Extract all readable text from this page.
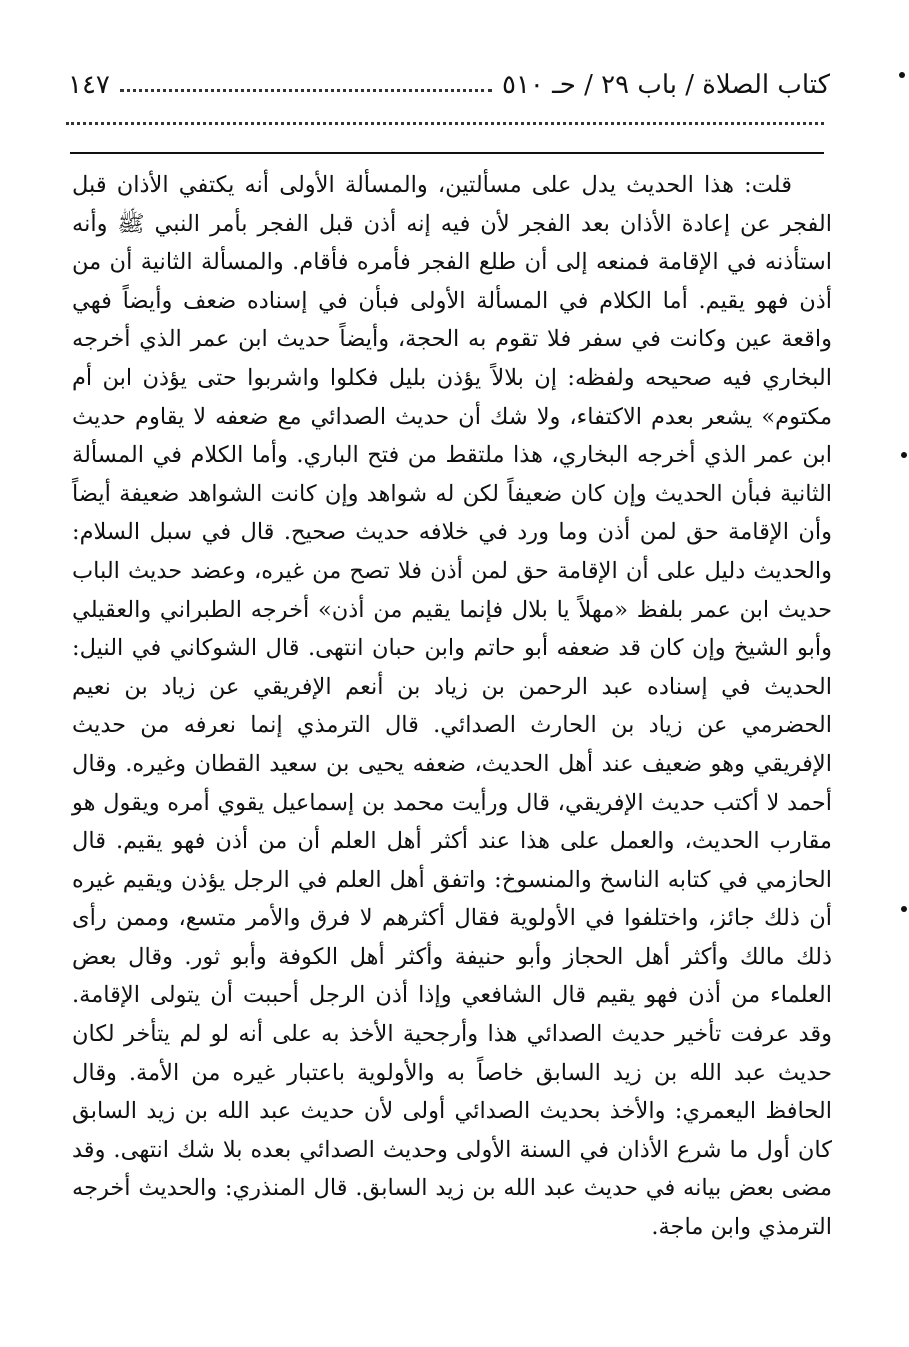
كتاب الصلاة / باب ٢٩ / حـ ٥١٠
١٤٧

قلت: هذا الحديث يدل على مسألتين، والمسألة الأولى أنه يكتفي الأذان قبل الفجر عن إعادة الأذان بعد الفجر لأن فيه إنه أذن قبل الفجر بأمر النبي ﷺ وأنه استأذنه في الإقامة فمنعه إلى أن طلع الفجر فأمره فأقام. والمسألة الثانية أن من أذن فهو يقيم. أما الكلام في المسألة الأولى فبأن في إسناده ضعف وأيضاً فهي واقعة عين وكانت في سفر فلا تقوم به الحجة، وأيضاً حديث ابن عمر الذي أخرجه البخاري فيه صحيحه ولفظه: إن بلالاً يؤذن بليل فكلوا واشربوا حتى يؤذن ابن أم مكتوم» يشعر بعدم الاكتفاء، ولا شك أن حديث الصدائي مع ضعفه لا يقاوم حديث ابن عمر الذي أخرجه البخاري، هذا ملتقط من فتح الباري. وأما الكلام في المسألة الثانية فبأن الحديث وإن كان ضعيفاً لكن له شواهد وإن كانت الشواهد ضعيفة أيضاً وأن الإقامة حق لمن أذن وما ورد في خلافه حديث صحيح. قال في سبل السلام: والحديث دليل على أن الإقامة حق لمن أذن فلا تصح من غيره، وعضد حديث الباب حديث ابن عمر بلفظ «مهلاً يا بلال فإنما يقيم من أذن» أخرجه الطبراني والعقيلي وأبو الشيخ وإن كان قد ضعفه أبو حاتم وابن حبان انتهى. قال الشوكاني في النيل: الحديث في إسناده عبد الرحمن بن زياد بن أنعم الإفريقي عن زياد بن نعيم الحضرمي عن زياد بن الحارث الصدائي. قال الترمذي إنما نعرفه من حديث الإفريقي وهو ضعيف عند أهل الحديث، ضعفه يحيى بن سعيد القطان وغيره. وقال أحمد لا أكتب حديث الإفريقي، قال ورأيت محمد بن إسماعيل يقوي أمره ويقول هو مقارب الحديث، والعمل على هذا عند أكثر أهل العلم أن من أذن فهو يقيم. قال الحازمي في كتابه الناسخ والمنسوخ: واتفق أهل العلم في الرجل يؤذن ويقيم غيره أن ذلك جائز، واختلفوا في الأولوية فقال أكثرهم لا فرق والأمر متسع، وممن رأى ذلك مالك وأكثر أهل الحجاز وأبو حنيفة وأكثر أهل الكوفة وأبو ثور. وقال بعض العلماء من أذن فهو يقيم قال الشافعي وإذا أذن الرجل أحببت أن يتولى الإقامة. وقد عرفت تأخير حديث الصدائي هذا وأرجحية الأخذ به على أنه لو لم يتأخر لكان حديث عبد الله بن زيد السابق خاصاً به والأولوية باعتبار غيره من الأمة. وقال الحافظ اليعمري: والأخذ بحديث الصدائي أولى لأن حديث عبد الله بن زيد السابق كان أول ما شرع الأذان في السنة الأولى وحديث الصدائي بعده بلا شك انتهى. وقد مضى بعض بيانه في حديث عبد الله بن زيد السابق. قال المنذري: والحديث أخرجه الترمذي وابن ماجة.
